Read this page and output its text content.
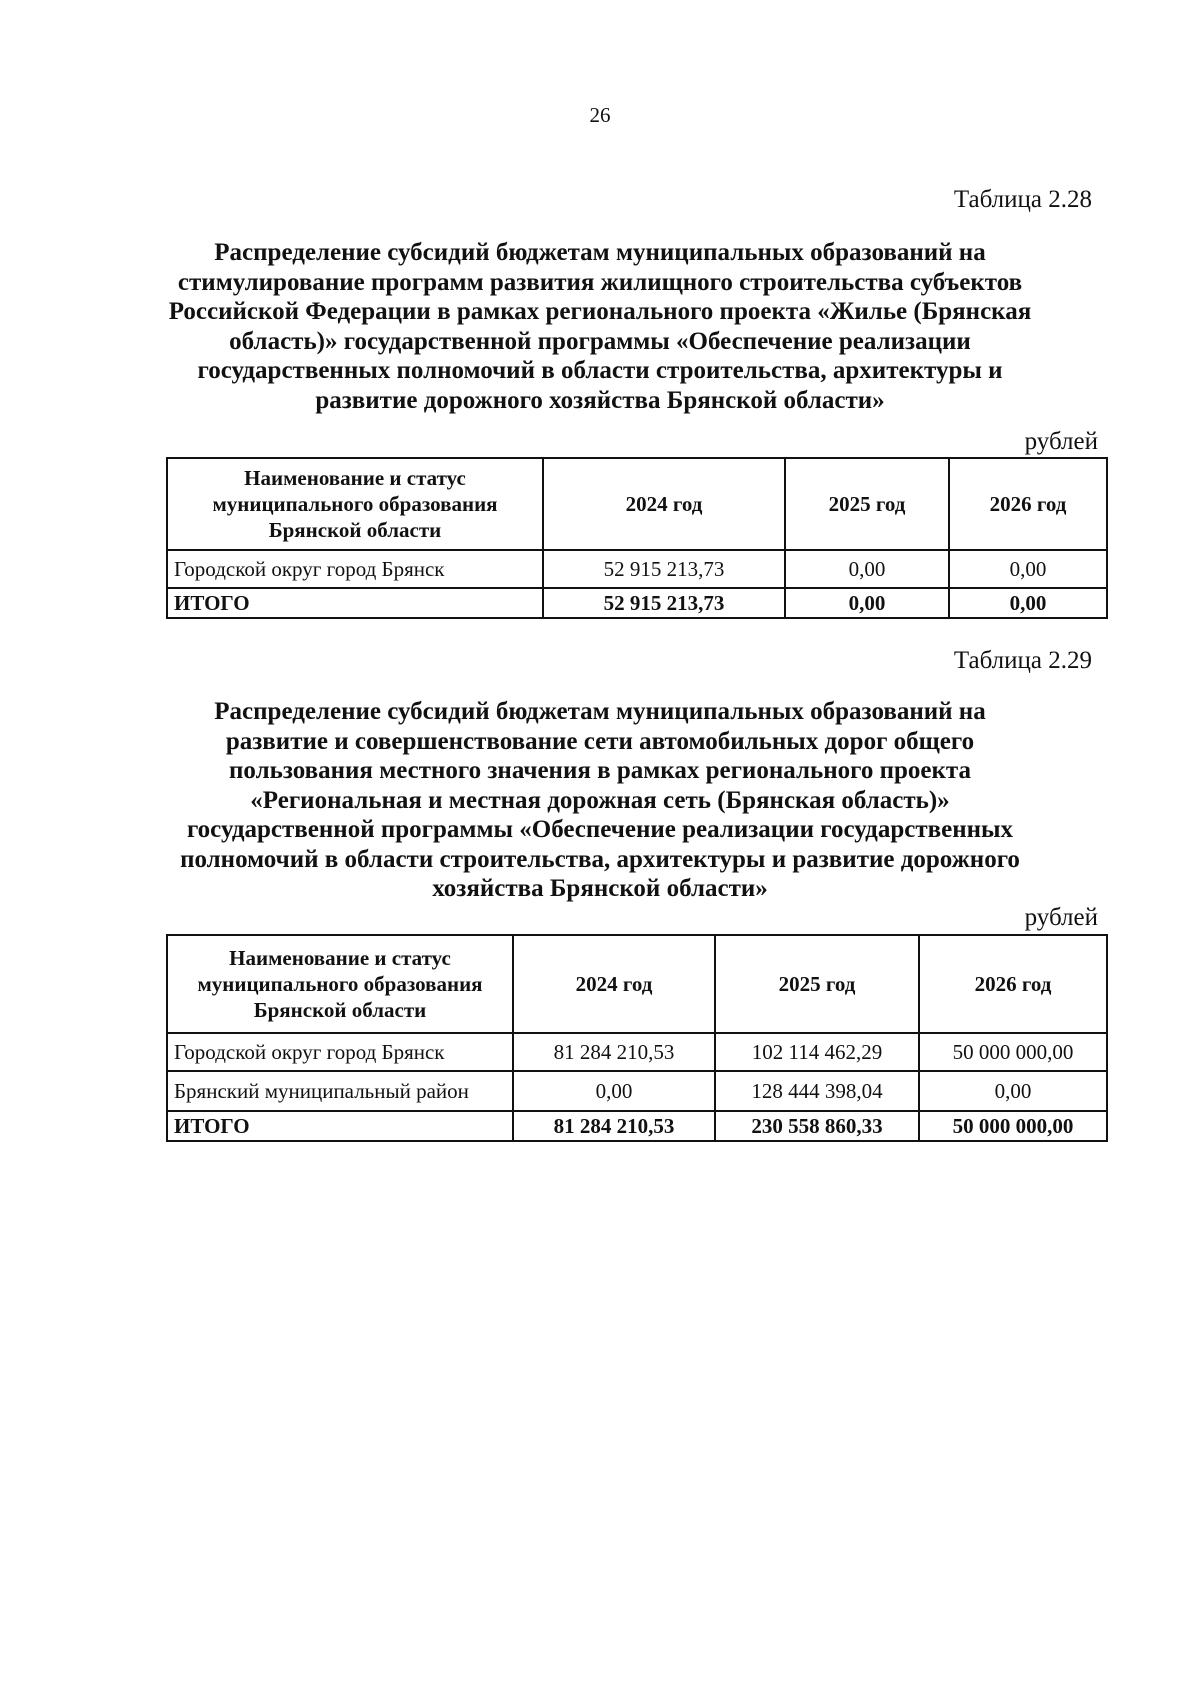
26
Таблица 2.28
Распределение субсидий бюджетам муниципальных образований на
стимулирование программ развития жилищного строительства субъектов
Российской Федерации в рамках регионального проекта «Жилье (Брянская
область)» государственной программы «Обеспечение реализации
государственных полномочий в области строительства, архитектуры и
развитие дорожного хозяйства Брянской области»
рублей
Наименование и статус муниципального образования Брянской области	2024 год	2025 год	2026 год
Городской округ город Брянск	52 915 213,73	0,00	0,00
ИТОГО	52 915 213,73	0,00	0,00
Таблица 2.29
Распределение субсидий бюджетам муниципальных образований на
развитие и совершенствование сети автомобильных дорог общего
пользования местного значения в рамках регионального проекта
«Региональная и местная дорожная сеть (Брянская область)»
государственной программы «Обеспечение реализации государственных
полномочий в области строительства, архитектуры и развитие дорожного
хозяйства Брянской области»
рублей
Наименование и статус муниципального образования Брянской области	2024 год	2025 год	2026 год
Городской округ город Брянск	81 284 210,53	102 114 462,29	50 000 000,00
Брянский муниципальный район	0,00	128 444 398,04	0,00
ИТОГО	81 284 210,53	230 558 860,33	50 000 000,00
